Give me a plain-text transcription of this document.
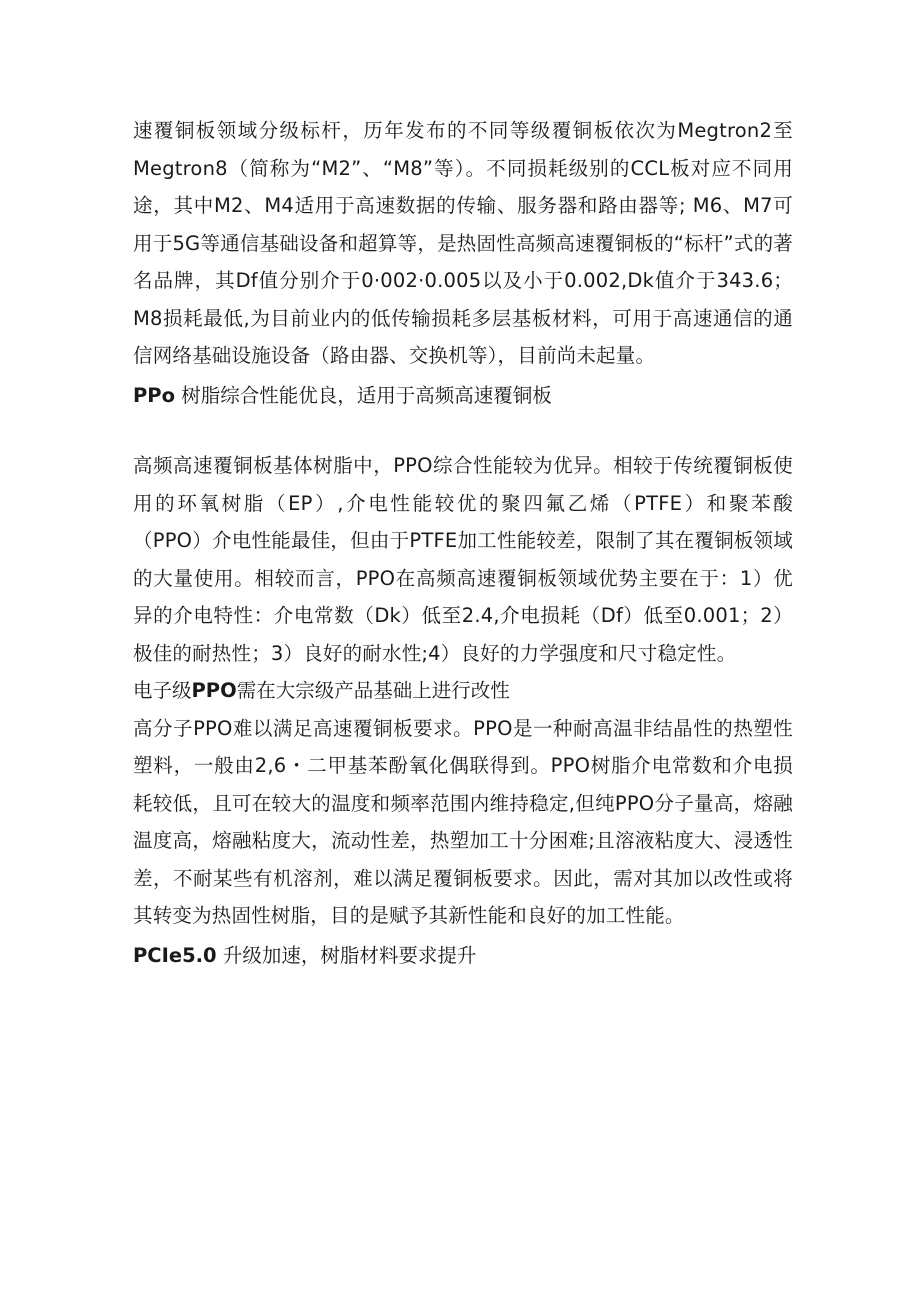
速覆铜板领域分级标杆，历年发布的不同等级覆铜板依次为Megtron2至Megtron8（简称为“M2”、“M8”等）。不同损耗级别的CCL板对应不同用途，其中M2、M4适用于高速数据的传输、服务器和路由器等; M6、M7可用于5G等通信基础设备和超算等，是热固性高频高速覆铜板的“标杆”式的著名品牌，其Df值分别介于0·002·0.005以及小于0.002,Dk值介于343.6； M8损耗最低,为目前业内的低传输损耗多层基板材料，可用于高速通信的通信网络基础设施设备（路由器、交换机等），目前尚未起量。

PPo 树脂综合性能优良，适用于高频高速覆铜板

高频高速覆铜板基体树脂中，PPO综合性能较为优异。相较于传统覆铜板使用的环氧树脂（EP）,介电性能较优的聚四氟乙烯（PTFE）和聚苯酸（PPO）介电性能最佳，但由于PTFE加工性能较差，限制了其在覆铜板领域的大量使用。相较而言，PPO在高频高速覆铜板领域优势主要在于：1）优异的介电特性：介电常数（Dk）低至2.4,介电损耗（Df）低至0.001；2）极佳的耐热性；3）良好的耐水性;4）良好的力学强度和尺寸稳定性。

电子级PPO需在大宗级产品基础上进行改性

高分子PPO难以满足高速覆铜板要求。PPO是一种耐高温非结晶性的热塑性塑料，一般由2,6・二甲基苯酚氧化偶联得到。PPO树脂介电常数和介电损耗较低，且可在较大的温度和频率范围内维持稳定,但纯PPO分子量高，熔融温度高，熔融粘度大，流动性差，热塑加工十分困难;且溶液粘度大、浸透性差，不耐某些有机溶剂，难以满足覆铜板要求。因此，需对其加以改性或将其转变为热固性树脂，目的是赋予其新性能和良好的加工性能。

PCIe5.0 升级加速，树脂材料要求提升
